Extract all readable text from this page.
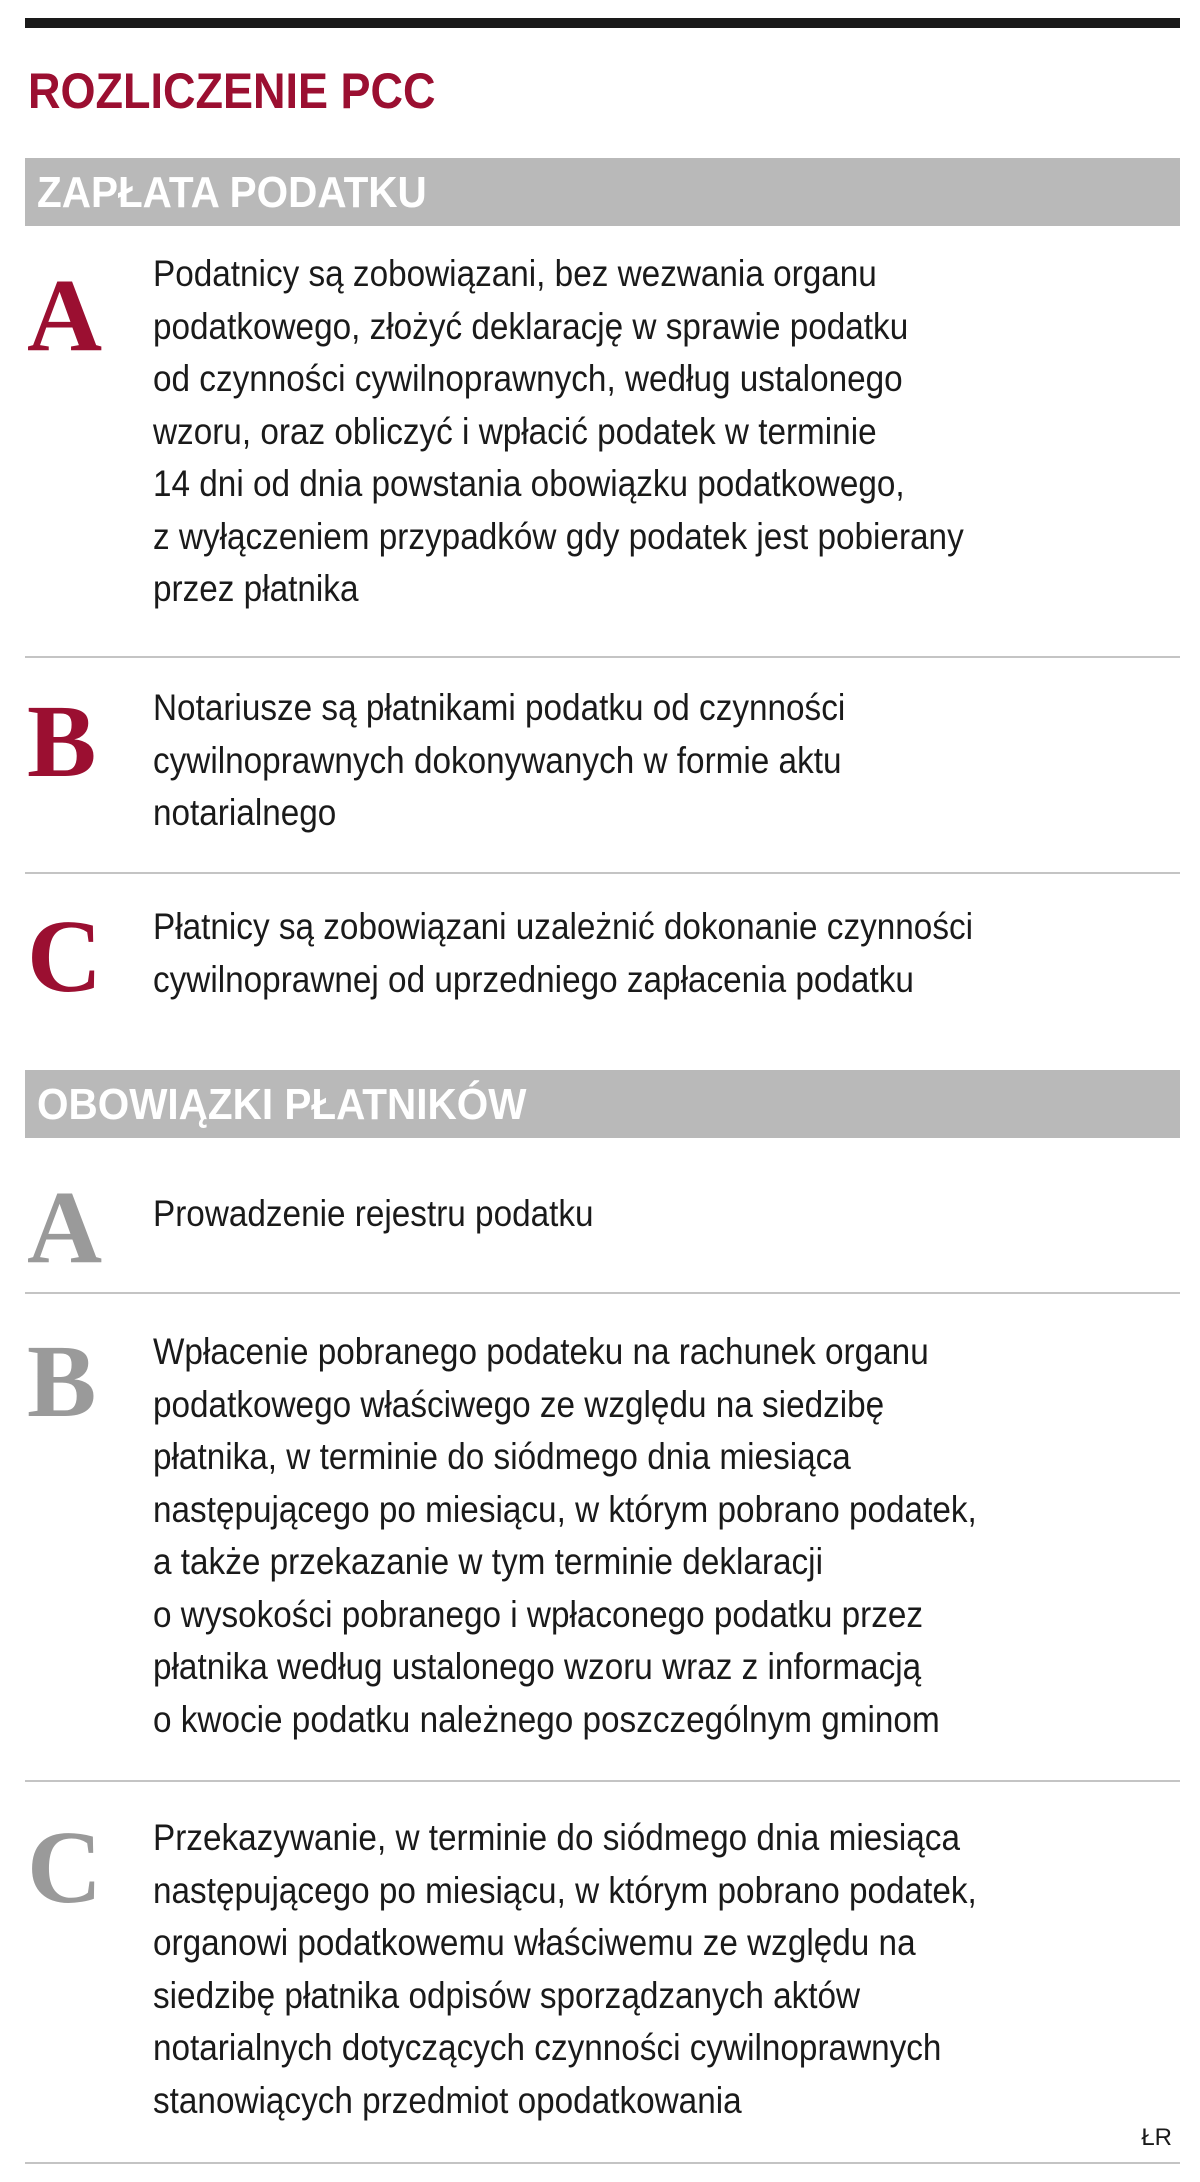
ROZLICZENIE PCC
ZAPŁATA PODATKU
A Podatnicy są zobowiązani, bez wezwania organu
podatkowego, złożyć deklarację w sprawie podatku
od czynności cywilnoprawnych, według ustalonego
wzoru, oraz obliczyć i wpłacić podatek w terminie
14 dni od dnia powstania obowiązku podatkowego,
z wyłączeniem przypadków gdy podatek jest pobierany
przez płatnika
B Notariusze są płatnikami podatku od czynności
cywilnoprawnych dokonywanych w formie aktu
notarialnego
C Płatnicy są zobowiązani uzależnić dokonanie czynności
cywilnoprawnej od uprzedniego zapłacenia podatku
OBOWIĄZKI PŁATNIKÓW
A Prowadzenie rejestru podatku
B Wpłacenie pobranego podateku na rachunek organu
podatkowego właściwego ze względu na siedzibę
płatnika, w terminie do siódmego dnia miesiąca
następującego po miesiącu, w którym pobrano podatek,
a także przekazanie w tym terminie deklaracji
o wysokości pobranego i wpłaconego podatku przez
płatnika według ustalonego wzoru wraz z informacją
o kwocie podatku należnego poszczególnym gminom
C Przekazywanie, w terminie do siódmego dnia miesiąca
następującego po miesiącu, w którym pobrano podatek,
organowi podatkowemu właściwemu ze względu na
siedzibę płatnika odpisów sporządzanych aktów
notarialnych dotyczących czynności cywilnoprawnych
stanowiących przedmiot opodatkowania
ŁR
